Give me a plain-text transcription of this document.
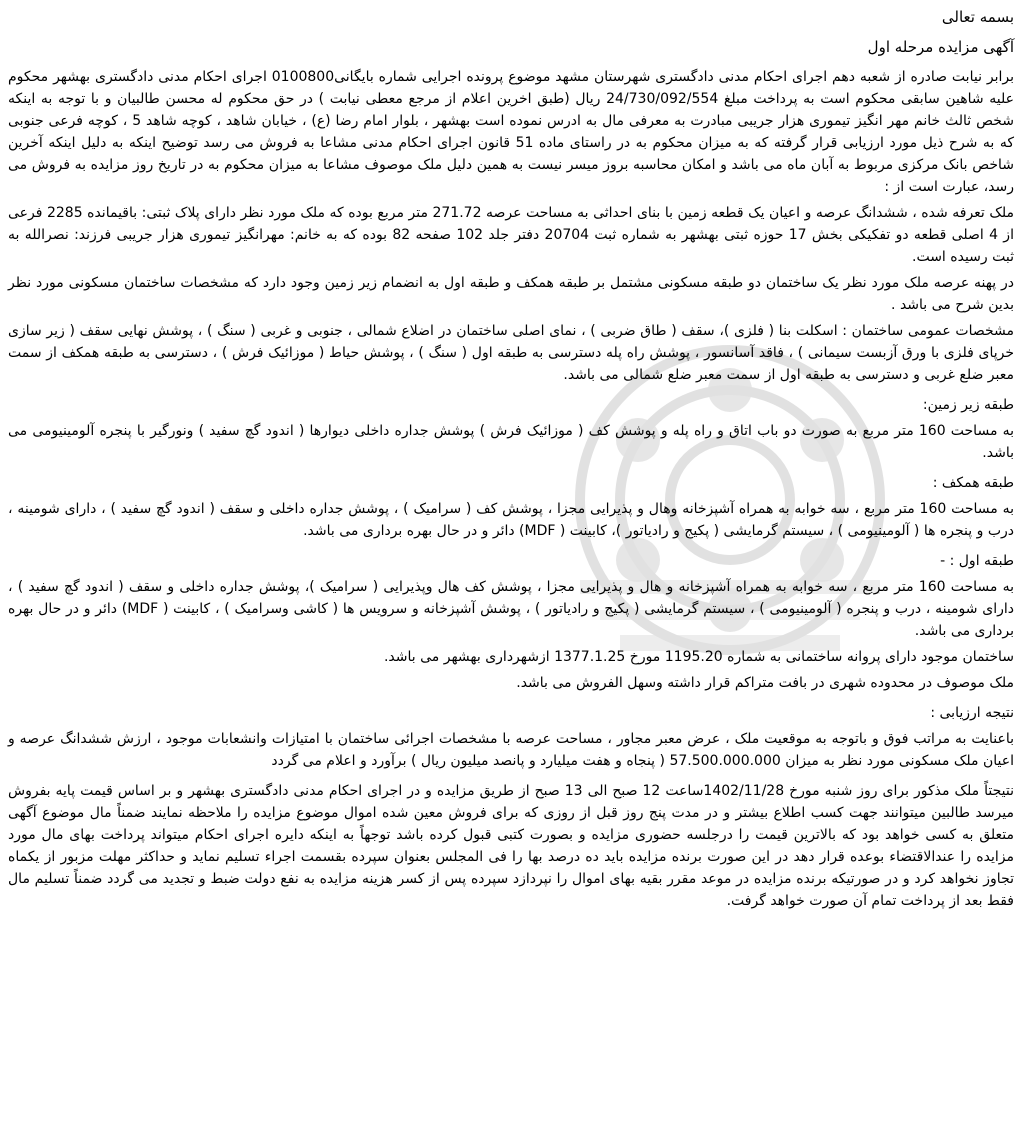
بسمه تعالی

آگهی مزایده مرحله اول

برابر نیابت صادره از شعبه دهم اجرای احکام مدنی دادگستری شهرستان مشهد موضوع پرونده اجرایی شماره بایگانی0100800 اجرای احکام مدنی دادگستری بهشهر محکوم علیه شاهین سابقی محکوم است به پرداخت مبلغ 24/730/092/554 ریال (طبق اخرین اعلام از مرجع معطی نیابت ) در حق محکوم له محسن طالبیان و با توجه به اینکه شخص ثالث خانم مهر انگیز تیموری هزار جریبی مبادرت به معرفی مال به ادرس نموده است بهشهر ، بلوار امام رضا (ع) ، خیابان شاهد ، کوچه شاهد 5 ، کوچه فرعی جنوبی که به شرح ذیل مورد ارزیابی قرار گرفته که به میزان محکوم به در راستای ماده 51 قانون اجرای احکام مدنی مشاعا به فروش می رسد توضیح اینکه به دلیل اینکه آخرین شاخص بانک مرکزی مربوط به آبان ماه می باشد و امکان محاسبه بروز میسر نیست به همین دلیل ملک موصوف مشاعا به میزان محکوم به در تاریخ روز مزایده به فروش می رسد، عبارت است از :

ملک تعرفه شده ، ششدانگ عرصه و اعیان یک قطعه زمین با بنای احداثی به مساحت عرصه 271.72 متر مربع بوده که ملک مورد نظر دارای پلاک ثبتی: باقیمانده 2285 فرعی از 4 اصلی قطعه دو تفکیکی بخش 17 حوزه ثبتی بهشهر به شماره ثبت 20704 دفتر جلد 102 صفحه 82 بوده که به خانم: مهرانگیز تیموری هزار جریبی فرزند: نصرالله به ثبت رسیده است.

در پهنه عرصه ملک مورد نظر یک ساختمان دو طبقه مسکونی مشتمل بر طبقه همکف و طبقه اول به انضمام زیر زمین وجود دارد که مشخصات ساختمان مسکونی مورد نظر بدین شرح می باشد .

مشخصات عمومی ساختمان : اسکلت بنا ( فلزی )، سقف ( طاق ضربی ) ، نمای اصلی ساختمان در اضلاع شمالی ، جنوبی و غربی ( سنگ ) ، پوشش نهایی سقف ( زیر سازی خرپای فلزی با ورق آزبست سیمانی ) ، فاقد آسانسور ، پوشش راه پله دسترسی به طبقه اول ( سنگ ) ، پوشش حیاط ( موزائیک فرش ) ، دسترسی به طبقه همکف از سمت معبر ضلع غربی و دسترسی به طبقه اول از سمت معبر ضلع شمالی می باشد.

طبقه زیر زمین:

به مساحت 160 متر مربع به صورت دو باب اتاق و راه پله و پوشش کف ( موزائیک فرش ) پوشش جداره داخلی دیوارها ( اندود گچ سفید ) ونورگیر با پنجره آلومینیومی می باشد.

طبقه همکف :

به مساحت 160 متر مربع ، سه خوابه به همراه آشپزخانه وهال و پذیرایی مجزا ، پوشش کف ( سرامیک ) ، پوشش جداره داخلی و سقف ( اندود گچ سفید ) ، دارای شومینه ، درب و پنجره ها ( آلومینیومی ) ، سیستم گرمایشی ( پکیج و رادیاتور )، کابینت ( MDF) دائر و در حال بهره برداری می باشد.

طبقه اول : -

به مساحت 160 متر مربع ، سه خوابه به همراه آشپزخانه و هال و پذیرایی مجزا ، پوشش کف هال وپذیرایی ( سرامیک )، پوشش جداره داخلی و سقف ( اندود گچ سفید ) ، دارای شومینه ، درب و پنجره ( آلومینیومی ) ، سیستم گرمایشی ( پکیج و رادیاتور ) ، پوشش آشپزخانه و سرویس ها ( کاشی وسرامیک ) ، کابینت ( MDF) دائر و در حال بهره برداری می باشد.

ساختمان موجود دارای پروانه ساختمانی به شماره 1195.20 مورخ 1377.1.25 ازشهرداری بهشهر می باشد.

ملک موصوف در محدوده شهری در بافت متراکم قرار داشته وسهل الفروش می باشد.

نتیجه ارزیابی :

باعنایت به مراتب فوق و باتوجه به موقعیت ملک ، عرض معبر مجاور ، مساحت عرصه با مشخصات اجرائی ساختمان با امتیازات وانشعابات موجود ، ارزش ششدانگ عرصه و اعیان ملک مسکونی مورد نظر به میزان 57.500.000.000 ( پنجاه و هفت میلیارد و پانصد میلیون ریال ) برآورد و اعلام می گردد

نتیجتاً ملک مذکور برای روز شنبه مورخ 1402/11/28ساعت 12 صبح الی 13 صبح از طریق مزایده و در اجرای احکام مدنی دادگستری بهشهر و بر اساس قیمت پایه بفروش میرسد طالبین میتوانند جهت کسب اطلاع بیشتر و در مدت پنج روز قبل از روزی که برای فروش معین شده اموال موضوع مزایده را ملاحظه نمایند ضمناً مال موضوع آگهی متعلق به کسی خواهد بود که بالاترین قیمت را درجلسه حضوری مزایده و بصورت کتبی قبول کرده باشد توجهاً به اینکه دایره اجرای احکام میتواند پرداخت بهای مال مورد مزایده را عندالاقتضاء بوعده قرار دهد در این صورت برنده مزایده باید ده درصد بها را فی المجلس بعنوان سپرده بقسمت اجراء تسلیم نماید و حداکثر مهلت مزبور از یکماه تجاوز نخواهد کرد و در صورتیکه برنده مزایده در موعد مقرر بقیه بهای اموال را نپردازد سپرده پس از کسر هزینه مزایده به نفع دولت ضبط و تجدید می گردد ضمناً تسلیم مال فقط بعد از پرداخت تمام آن صورت خواهد گرفت.
